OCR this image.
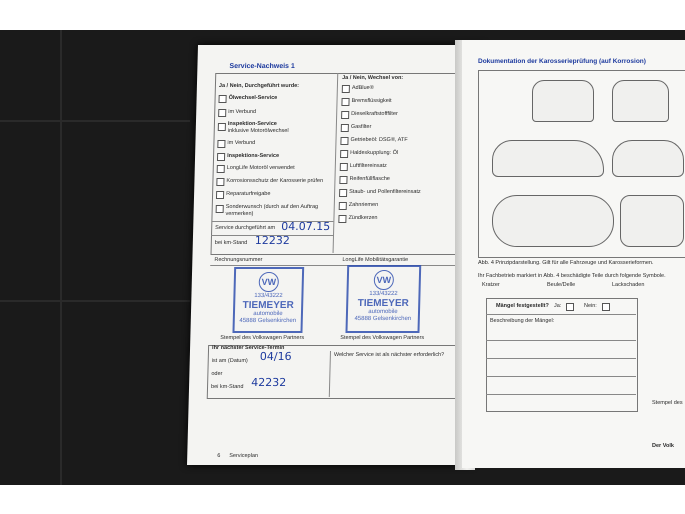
Service-Nachweis 1
Ja / Nein, Durchgeführt wurde:
Ja / Nein, Wechsel von:
Ölwechsel-Service
im Verbund
Inspektion-Service
inklusive Motorölwechsel
im Verbund
Inspektions-Service
LongLife Motoröl verwendet
Korrosionsschutz der Karosserie prüfen
Reparaturfreigabe
Sonderwunsch (durch auf den Auftrag vermerken)
AdBlue®
Bremsflüssigkeit
Dieselkraftstofffilter
Gasfilter
Getriebeöl: DSG®, ATF
Haldexkupplung: Öl
Luftfiltereinsatz
Reifenfüllflasche
Staub- und Pollenfiltereinsatz
Zahnriemen
Zündkerzen
Service durchgeführt am 04.07.15
bei km-Stand 12232
Rechnungsnummer	LongLife Mobilitätsgarantie
VW
133/43222
TIEMEYER
automobile
45888 Gelsenkirchen
VW
133/43222
TIEMEYER
automobile
45888 Gelsenkirchen
Stempel des Volkswagen Partners	Stempel des Volkswagen Partners
Ihr nächster Service-Termin
ist am (Datum) 04/16
oder
bei km-Stand 42232
Welcher Service ist als nächster erforderlich?
6 Serviceplan
Dokumentation der Karosserieprüfung (auf Korrosion)
Abb. 4 Prinzipdarstellung. Gilt für alle Fahrzeuge und Karosserieformen.
Ihr Fachbetrieb markiert in Abb. 4 beschädigte Teile durch folgende Symbole.
Kratzer	Beule/Delle	Lackschaden
Mängel festgestellt? Ja:	Nein:
Beschreibung der Mängel:
Stempel des
Der Volk
